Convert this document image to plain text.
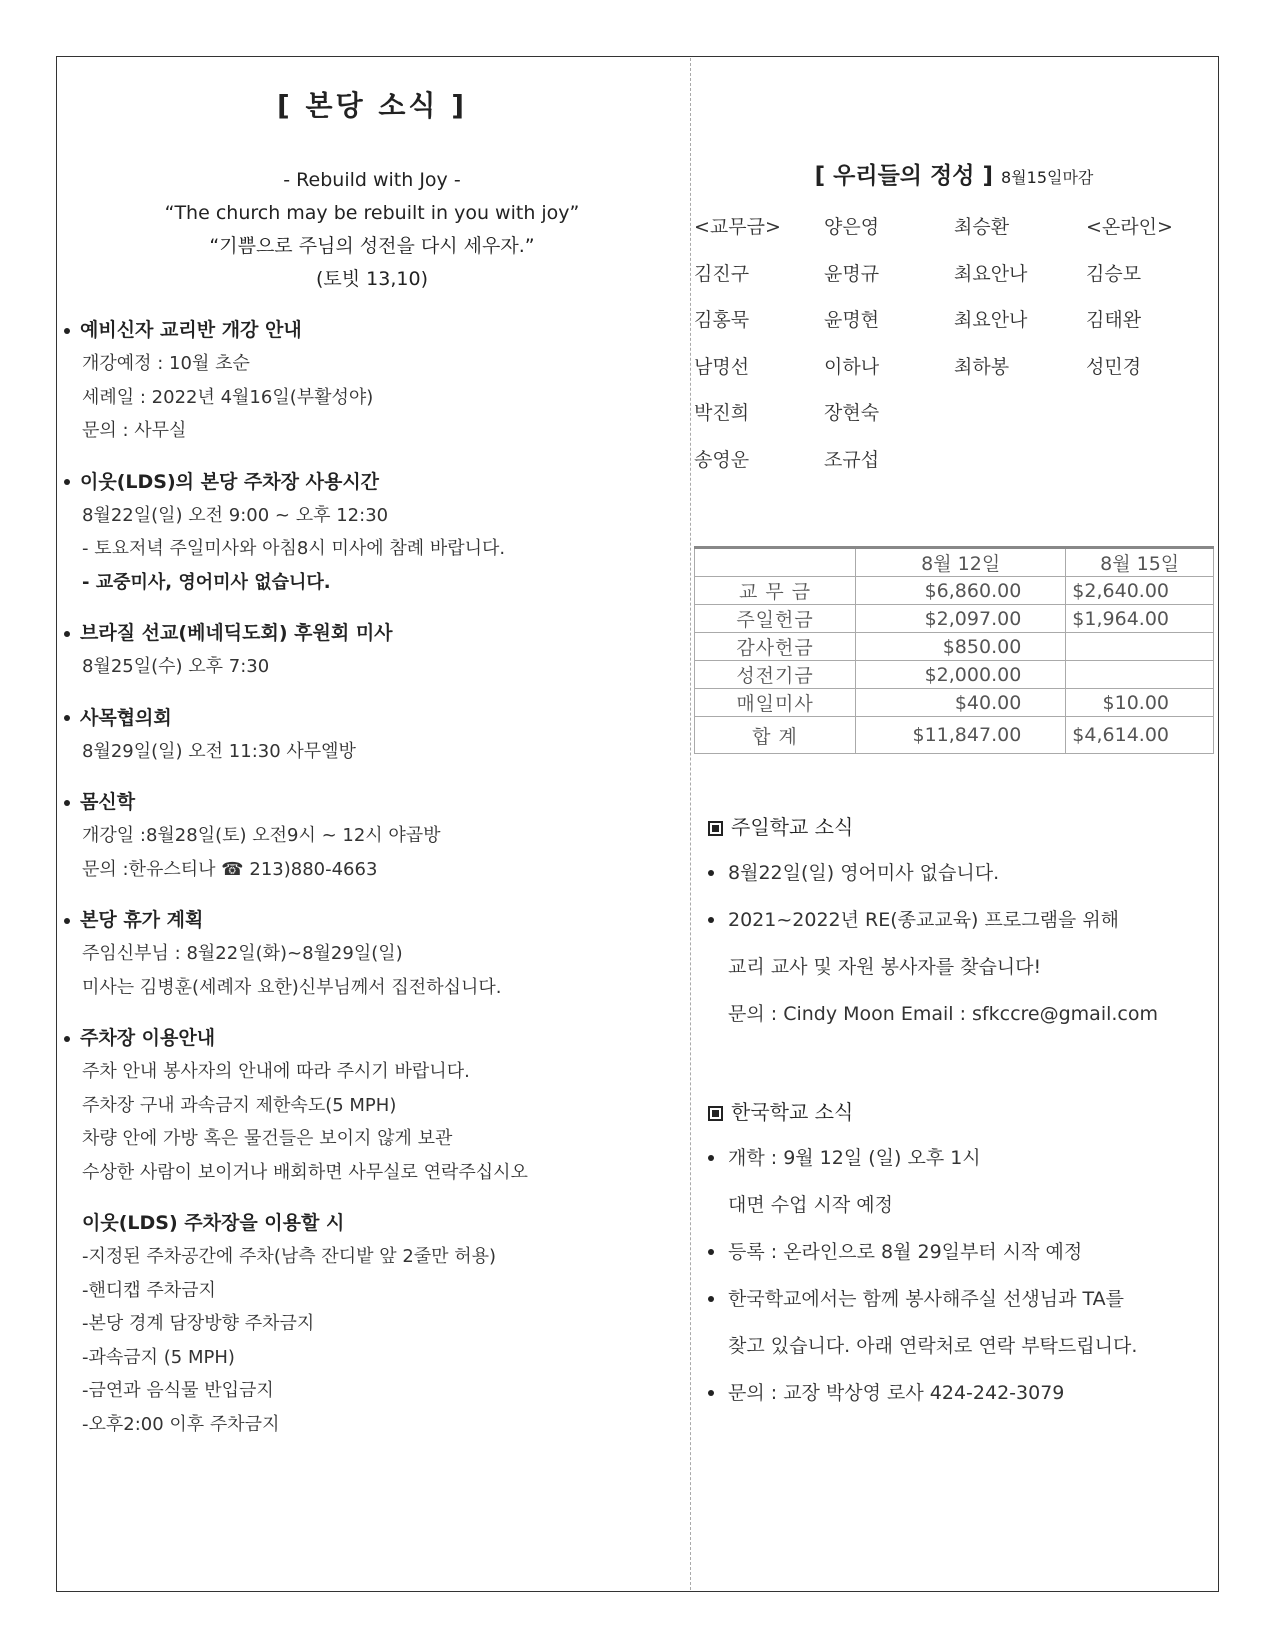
[ 본당 소식 ]
- Rebuild with Joy -
“The church may be rebuilt in you with joy”
“기쁨으로 주님의 성전을 다시 세우자.”
(토빗 13,10)
예비신자 교리반 개강 안내
개강예정 : 10월 초순
세례일 : 2022년 4월16일(부활성야)
문의 : 사무실
이웃(LDS)의 본당 주차장 사용시간
8월22일(일) 오전 9:00 ~ 오후 12:30
- 토요저녁 주일미사와 아침8시 미사에 참례 바랍니다.
- 교중미사, 영어미사 없습니다.
브라질 선교(베네딕도회) 후원회 미사
8월25일(수) 오후 7:30
사목협의회
8월29일(일) 오전 11:30 사무엘방
몸신학
개강일 :8월28일(토) 오전9시 ~ 12시 야곱방
문의 :한유스티나 ☎ 213)880-4663
본당 휴가 계획
주임신부님 : 8월22일(화)~8월29일(일)
미사는 김병훈(세례자 요한)신부님께서 집전하십니다.
주차장 이용안내
주차 안내 봉사자의 안내에 따라 주시기 바랍니다.
주차장 구내 과속금지 제한속도(5 MPH)
차량 안에 가방 혹은 물건들은 보이지 않게 보관
수상한 사람이 보이거나 배회하면 사무실로 연락주십시오
이웃(LDS) 주차장을 이용할 시
-지정된 주차공간에 주차(남측 잔디밭 앞 2줄만 허용)
-핸디캡 주차금지
-본당 경계 담장방향 주차금지
-과속금지 (5 MPH)
-금연과 음식물 반입금지
-오후2:00 이후 주차금지
[ 우리들의 정성 ] 8월15일마감
<교무금>	양은영	최승환	<온라인>
김진구	윤명규	최요안나	김승모
김홍묵	윤명현	최요안나	김태완
남명선	이하나	최하봉	성민경
박진희	장현숙
송영운	조규섭
	8월 12일	8월 15일
교 무 금	$6,860.00	$2,640.00
주일헌금	$2,097.00	$1,964.00
감사헌금	$850.00	
성전기금	$2,000.00	
매일미사	$40.00	$10.00
합 계	$11,847.00	$4,614.00
주일학교 소식
8월22일(일) 영어미사 없습니다.
2021~2022년 RE(종교교육) 프로그램을 위해
교리 교사 및 자원 봉사자를 찾습니다!
문의 : Cindy Moon Email : sfkccre@gmail.com
한국학교 소식
개학 : 9월 12일 (일) 오후 1시
대면 수업 시작 예정
등록 : 온라인으로 8월 29일부터 시작 예정
한국학교에서는 함께 봉사해주실 선생님과 TA를
찾고 있습니다. 아래 연락처로 연락 부탁드립니다.
문의 : 교장 박상영 로사 424-242-3079
